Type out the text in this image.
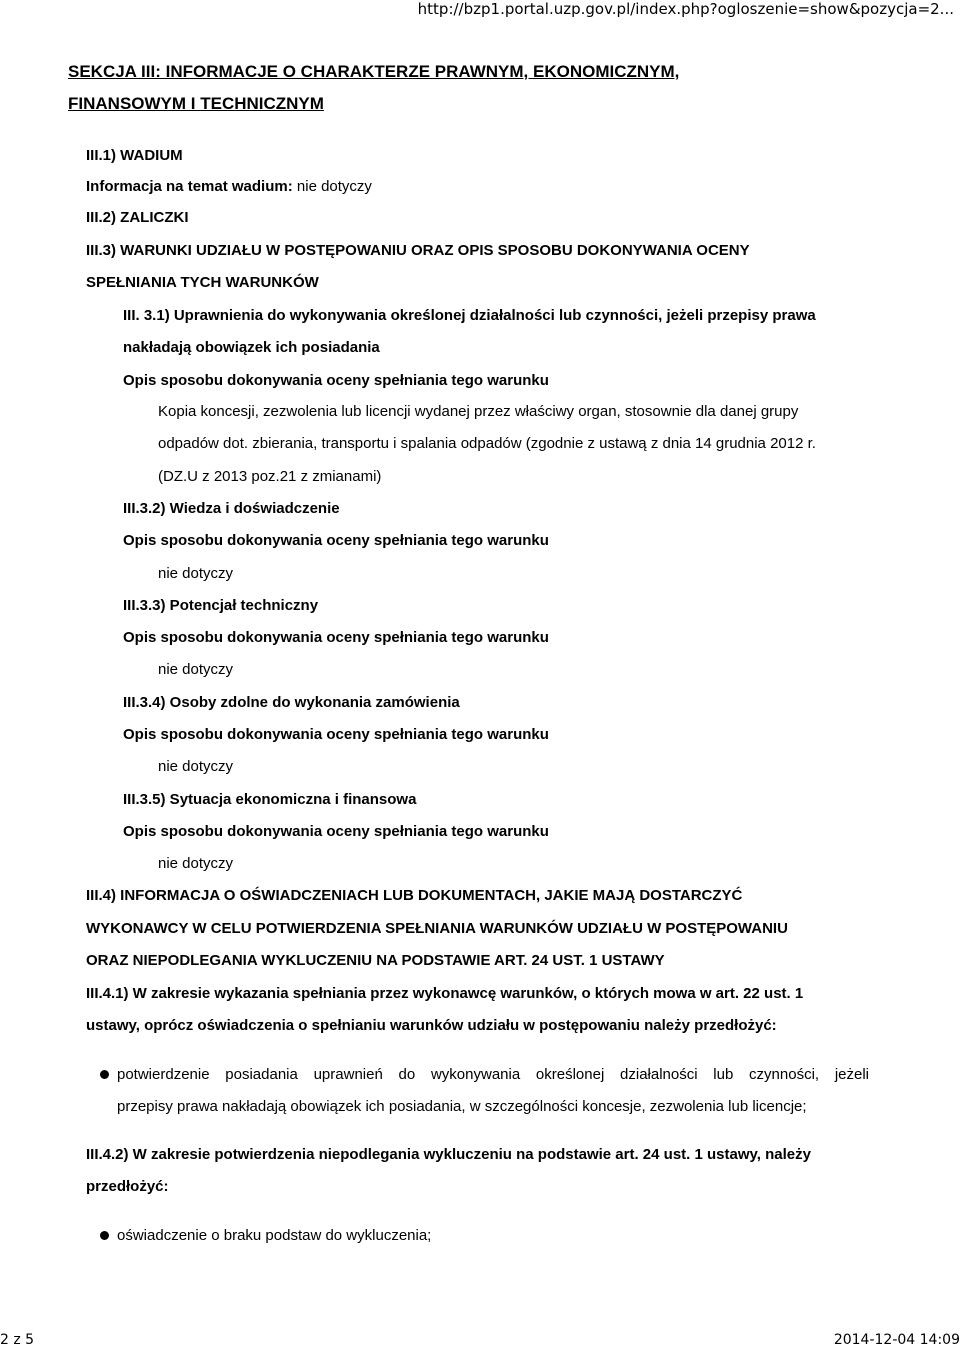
http://bzp1.portal.uzp.gov.pl/index.php?ogloszenie=show&pozycja=2...
SEKCJA III: INFORMACJE O CHARAKTERZE PRAWNYM, EKONOMICZNYM,
FINANSOWYM I TECHNICZNYM
III.1) WADIUM
Informacja na temat wadium: nie dotyczy
III.2) ZALICZKI
III.3) WARUNKI UDZIAŁU W POSTĘPOWANIU ORAZ OPIS SPOSOBU DOKONYWANIA OCENY
SPEŁNIANIA TYCH WARUNKÓW
III. 3.1) Uprawnienia do wykonywania określonej działalności lub czynności, jeżeli przepisy prawa
nakładają obowiązek ich posiadania
Opis sposobu dokonywania oceny spełniania tego warunku
Kopia koncesji, zezwolenia lub licencji wydanej przez właściwy organ, stosownie dla danej grupy
odpadów dot. zbierania, transportu i spalania odpadów (zgodnie z ustawą z dnia 14 grudnia 2012 r.
(DZ.U z 2013 poz.21 z zmianami)
III.3.2) Wiedza i doświadczenie
Opis sposobu dokonywania oceny spełniania tego warunku
nie dotyczy
III.3.3) Potencjał techniczny
Opis sposobu dokonywania oceny spełniania tego warunku
nie dotyczy
III.3.4) Osoby zdolne do wykonania zamówienia
Opis sposobu dokonywania oceny spełniania tego warunku
nie dotyczy
III.3.5) Sytuacja ekonomiczna i finansowa
Opis sposobu dokonywania oceny spełniania tego warunku
nie dotyczy
III.4) INFORMACJA O OŚWIADCZENIACH LUB DOKUMENTACH, JAKIE MAJĄ DOSTARCZYĆ
WYKONAWCY W CELU POTWIERDZENIA SPEŁNIANIA WARUNKÓW UDZIAŁU W POSTĘPOWANIU
ORAZ NIEPODLEGANIA WYKLUCZENIU NA PODSTAWIE ART. 24 UST. 1 USTAWY
III.4.1) W zakresie wykazania spełniania przez wykonawcę warunków, o których mowa w art. 22 ust. 1
ustawy, oprócz oświadczenia o spełnianiu warunków udziału w postępowaniu należy przedłożyć:
potwierdzenie posiadania uprawnień do wykonywania określonej działalności lub czynności, jeżeli
przepisy prawa nakładają obowiązek ich posiadania, w szczególności koncesje, zezwolenia lub licencje;
III.4.2) W zakresie potwierdzenia niepodlegania wykluczeniu na podstawie art. 24 ust. 1 ustawy, należy
przedłożyć:
oświadczenie o braku podstaw do wykluczenia;
2 z 5	2014-12-04 14:09
